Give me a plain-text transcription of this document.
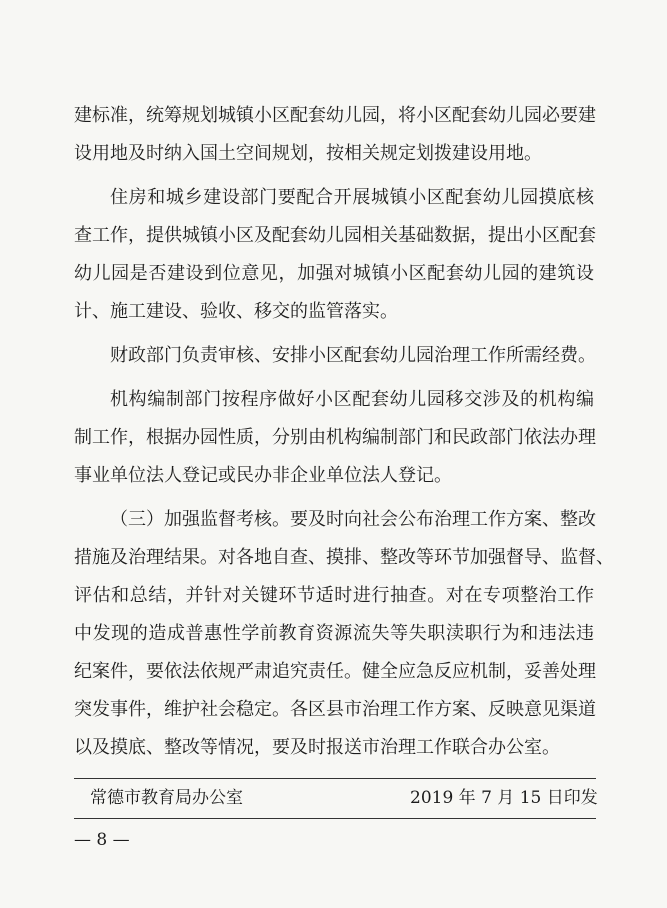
建标准，统筹规划城镇小区配套幼儿园，将小区配套幼儿园必要建
设用地及时纳入国土空间规划，按相关规定划拨建设用地。
住房和城乡建设部门要配合开展城镇小区配套幼儿园摸底核
查工作，提供城镇小区及配套幼儿园相关基础数据，提出小区配套
幼儿园是否建设到位意见，加强对城镇小区配套幼儿园的建筑设
计、施工建设、验收、移交的监管落实。
财政部门负责审核、安排小区配套幼儿园治理工作所需经费。
机构编制部门按程序做好小区配套幼儿园移交涉及的机构编
制工作，根据办园性质，分别由机构编制部门和民政部门依法办理
事业单位法人登记或民办非企业单位法人登记。
（三）加强监督考核。要及时向社会公布治理工作方案、整改
措施及治理结果。对各地自查、摸排、整改等环节加强督导、监督、
评估和总结，并针对关键环节适时进行抽查。对在专项整治工作
中发现的造成普惠性学前教育资源流失等失职渎职行为和违法违
纪案件，要依法依规严肃追究责任。健全应急反应机制，妥善处理
突发事件，维护社会稳定。各区县市治理工作方案、反映意见渠道
以及摸底、整改等情况，要及时报送市治理工作联合办公室。
常德市教育局办公室	2019 年 7 月 15 日印发
— 8 —
